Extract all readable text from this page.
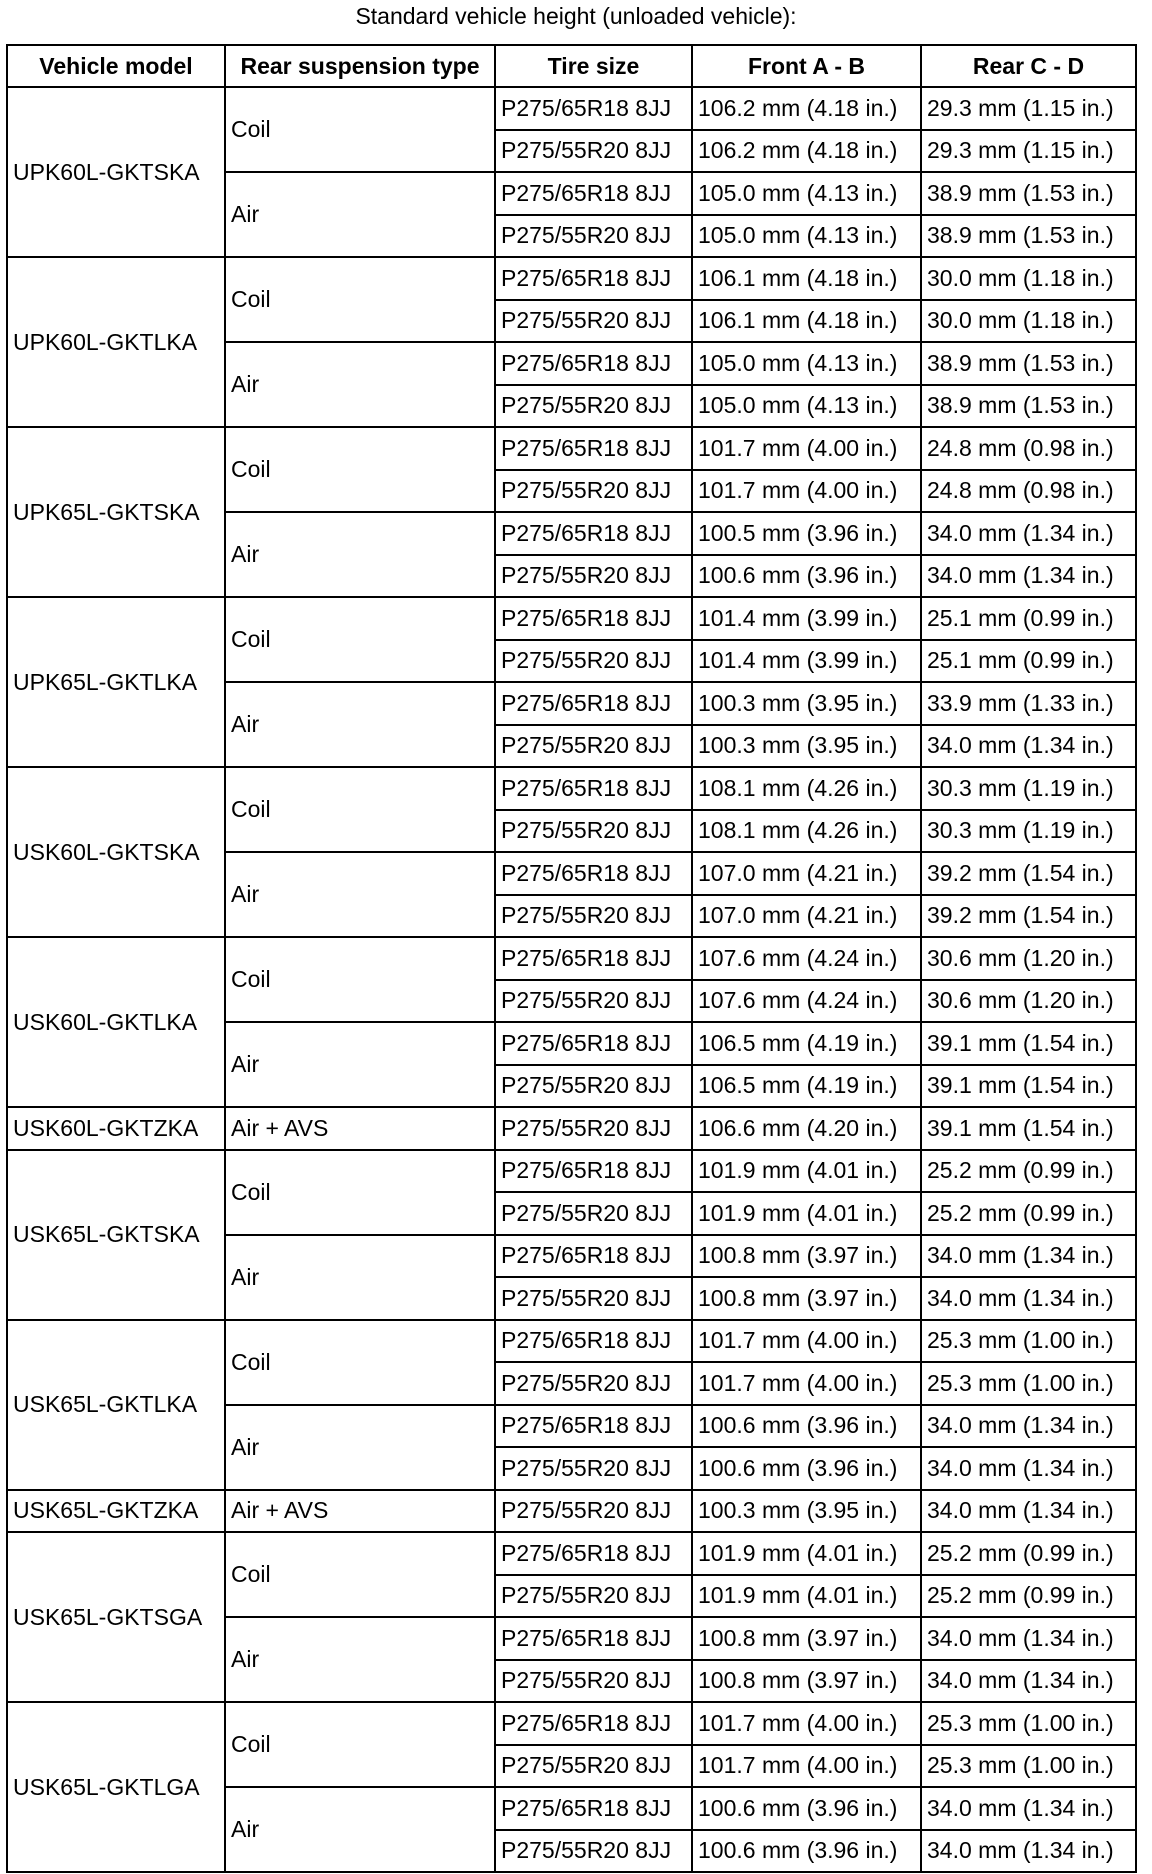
Standard vehicle height (unloaded vehicle):
Vehicle model	Rear suspension type	Tire size	Front A - B	Rear C - D
UPK60L-GKTSKA	Coil	P275/65R18 8JJ	106.2 mm (4.18 in.)	29.3 mm (1.15 in.)
		P275/55R20 8JJ	106.2 mm (4.18 in.)	29.3 mm (1.15 in.)
	Air	P275/65R18 8JJ	105.0 mm (4.13 in.)	38.9 mm (1.53 in.)
		P275/55R20 8JJ	105.0 mm (4.13 in.)	38.9 mm (1.53 in.)
UPK60L-GKTLKA	Coil	P275/65R18 8JJ	106.1 mm (4.18 in.)	30.0 mm (1.18 in.)
		P275/55R20 8JJ	106.1 mm (4.18 in.)	30.0 mm (1.18 in.)
	Air	P275/65R18 8JJ	105.0 mm (4.13 in.)	38.9 mm (1.53 in.)
		P275/55R20 8JJ	105.0 mm (4.13 in.)	38.9 mm (1.53 in.)
UPK65L-GKTSKA	Coil	P275/65R18 8JJ	101.7 mm (4.00 in.)	24.8 mm (0.98 in.)
		P275/55R20 8JJ	101.7 mm (4.00 in.)	24.8 mm (0.98 in.)
	Air	P275/65R18 8JJ	100.5 mm (3.96 in.)	34.0 mm (1.34 in.)
		P275/55R20 8JJ	100.6 mm (3.96 in.)	34.0 mm (1.34 in.)
UPK65L-GKTLKA	Coil	P275/65R18 8JJ	101.4 mm (3.99 in.)	25.1 mm (0.99 in.)
		P275/55R20 8JJ	101.4 mm (3.99 in.)	25.1 mm (0.99 in.)
	Air	P275/65R18 8JJ	100.3 mm (3.95 in.)	33.9 mm (1.33 in.)
		P275/55R20 8JJ	100.3 mm (3.95 in.)	34.0 mm (1.34 in.)
USK60L-GKTSKA	Coil	P275/65R18 8JJ	108.1 mm (4.26 in.)	30.3 mm (1.19 in.)
		P275/55R20 8JJ	108.1 mm (4.26 in.)	30.3 mm (1.19 in.)
	Air	P275/65R18 8JJ	107.0 mm (4.21 in.)	39.2 mm (1.54 in.)
		P275/55R20 8JJ	107.0 mm (4.21 in.)	39.2 mm (1.54 in.)
USK60L-GKTLKA	Coil	P275/65R18 8JJ	107.6 mm (4.24 in.)	30.6 mm (1.20 in.)
		P275/55R20 8JJ	107.6 mm (4.24 in.)	30.6 mm (1.20 in.)
	Air	P275/65R18 8JJ	106.5 mm (4.19 in.)	39.1 mm (1.54 in.)
		P275/55R20 8JJ	106.5 mm (4.19 in.)	39.1 mm (1.54 in.)
USK60L-GKTZKA	Air + AVS	P275/55R20 8JJ	106.6 mm (4.20 in.)	39.1 mm (1.54 in.)
USK65L-GKTSKA	Coil	P275/65R18 8JJ	101.9 mm (4.01 in.)	25.2 mm (0.99 in.)
		P275/55R20 8JJ	101.9 mm (4.01 in.)	25.2 mm (0.99 in.)
	Air	P275/65R18 8JJ	100.8 mm (3.97 in.)	34.0 mm (1.34 in.)
		P275/55R20 8JJ	100.8 mm (3.97 in.)	34.0 mm (1.34 in.)
USK65L-GKTLKA	Coil	P275/65R18 8JJ	101.7 mm (4.00 in.)	25.3 mm (1.00 in.)
		P275/55R20 8JJ	101.7 mm (4.00 in.)	25.3 mm (1.00 in.)
	Air	P275/65R18 8JJ	100.6 mm (3.96 in.)	34.0 mm (1.34 in.)
		P275/55R20 8JJ	100.6 mm (3.96 in.)	34.0 mm (1.34 in.)
USK65L-GKTZKA	Air + AVS	P275/55R20 8JJ	100.3 mm (3.95 in.)	34.0 mm (1.34 in.)
USK65L-GKTSGA	Coil	P275/65R18 8JJ	101.9 mm (4.01 in.)	25.2 mm (0.99 in.)
		P275/55R20 8JJ	101.9 mm (4.01 in.)	25.2 mm (0.99 in.)
	Air	P275/65R18 8JJ	100.8 mm (3.97 in.)	34.0 mm (1.34 in.)
		P275/55R20 8JJ	100.8 mm (3.97 in.)	34.0 mm (1.34 in.)
USK65L-GKTLGA	Coil	P275/65R18 8JJ	101.7 mm (4.00 in.)	25.3 mm (1.00 in.)
		P275/55R20 8JJ	101.7 mm (4.00 in.)	25.3 mm (1.00 in.)
	Air	P275/65R18 8JJ	100.6 mm (3.96 in.)	34.0 mm (1.34 in.)
		P275/55R20 8JJ	100.6 mm (3.96 in.)	34.0 mm (1.34 in.)
